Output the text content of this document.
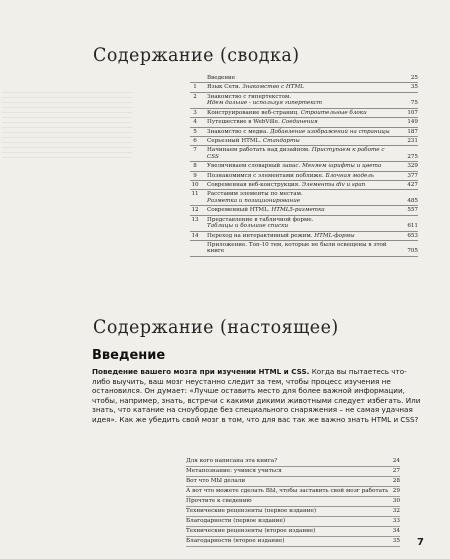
Содержание (сводка)
Введение	25
1	Язык Сети. Знакомство с HTML	35
2	Знакомство с гипертекстом.
Идем дальше - используя гипертекст	75
3	Конструирование веб-страниц. Строительные блоки	107
4	Путешествие в WebVille. Соединения	149
5	Знакомство с медиа. Добавление изображений на страницы	187
6	Серьезный HTML. Стандарты	231
7	Начинаем работать над дизайном. Приступаем к работе с CSS	275
8	Увеличиваем словарный запас. Меняем шрифты и цвета	329
9	Познакомимся с элементами поближе. Блочная модель	377
10 Современная веб-конструкция. Элементы div и span	427
11 Расставим элементы по местам.
Разметка и позиционирование	485
12 Современный HTML. HTML5-разметка	557
13 Представление в табличной форме.
Таблицы и большие списки	611
14 Переход на интерактивный режим. HTML-формы	653
Приложение. Топ-10 тем, которые не были освещены в этой книге	705
Содержание (настоящее)
Введение
Поведение вашего мозга при изучении HTML и CSS. Когда вы пытаетесь что-либо выучить, ваш мозг неустанно следит за тем, чтобы процесс изучения не остановился. Он думает: «Лучше оставить место для более важной информации, чтобы, например, знать, встречи с какими дикими животными следует избегать. Или знать, что катание на сноуборде без специального снаряжения – не самая удачная идея». Как же убедить свой мозг в том, что для вас так же важно знать HTML и CSS?
Для кого написана эта книга?	24
Метапознание: учимся учиться	27
Вот что МЫ делали	28
А вот что можете сделать ВЫ, чтобы заставить свой мозг работать 29
Прочтите к сведению	30
Технические рецензенты (первое издание)	32
Благодарности (первое издание)	33
Технические рецензенты (второе издание)	34
Благодарности (второе издание)	35 7
